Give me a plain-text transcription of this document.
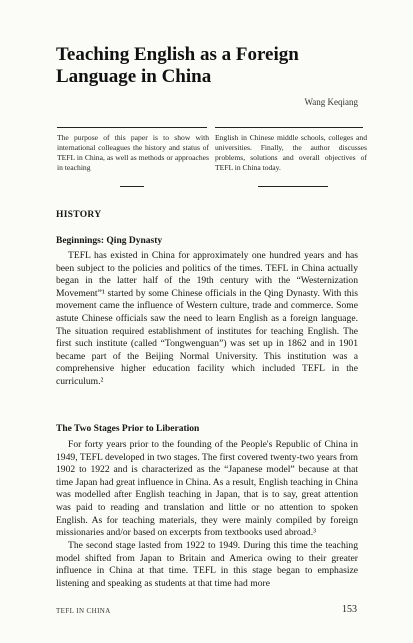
Teaching English as a Foreign Language in China
Wang Keqiang
The purpose of this paper is to show with international colleagues the history and status of TEFL in China, as well as methods or approaches in teaching
English in Chinese middle schools, colleges and universities. Finally, the author discusses problems, solutions and overall objectives of TEFL in China today.
HISTORY
Beginnings: Qing Dynasty

TEFL has existed in China for approximately one hundred years and has been subject to the policies and politics of the times. TEFL in China actually began in the latter half of the 19th century with the “Westernization Movement”¹ started by some Chinese officials in the Qing Dynasty. With this movement came the influence of Western culture, trade and commerce. Some astute Chinese officials saw the need to learn English as a foreign language. The situation required establishment of institutes for teaching English. The first such institute (called “Tongwenguan”) was set up in 1862 and in 1901 became part of the Beijing Normal University. This institution was a comprehensive higher education facility which included TEFL in the curriculum.²

The Two Stages Prior to Liberation

For forty years prior to the founding of the People's Republic of China in 1949, TEFL developed in two stages. The first covered twenty-two years from 1902 to 1922 and is characterized as the “Japanese model” because at that time Japan had great influence in China. As a result, English teaching in China was modelled after English teaching in Japan, that is to say, great attention was paid to reading and translation and little or no attention to spoken English. As for teaching materials, they were mainly compiled by foreign missionaries and/or based on excerpts from textbooks used abroad.³

The second stage lasted from 1922 to 1949. During this time the teaching model shifted from Japan to Britain and America owing to their greater influence in China at that time. TEFL in this stage began to emphasize listening and speaking as students at that time had more

TEFL IN CHINA	153
